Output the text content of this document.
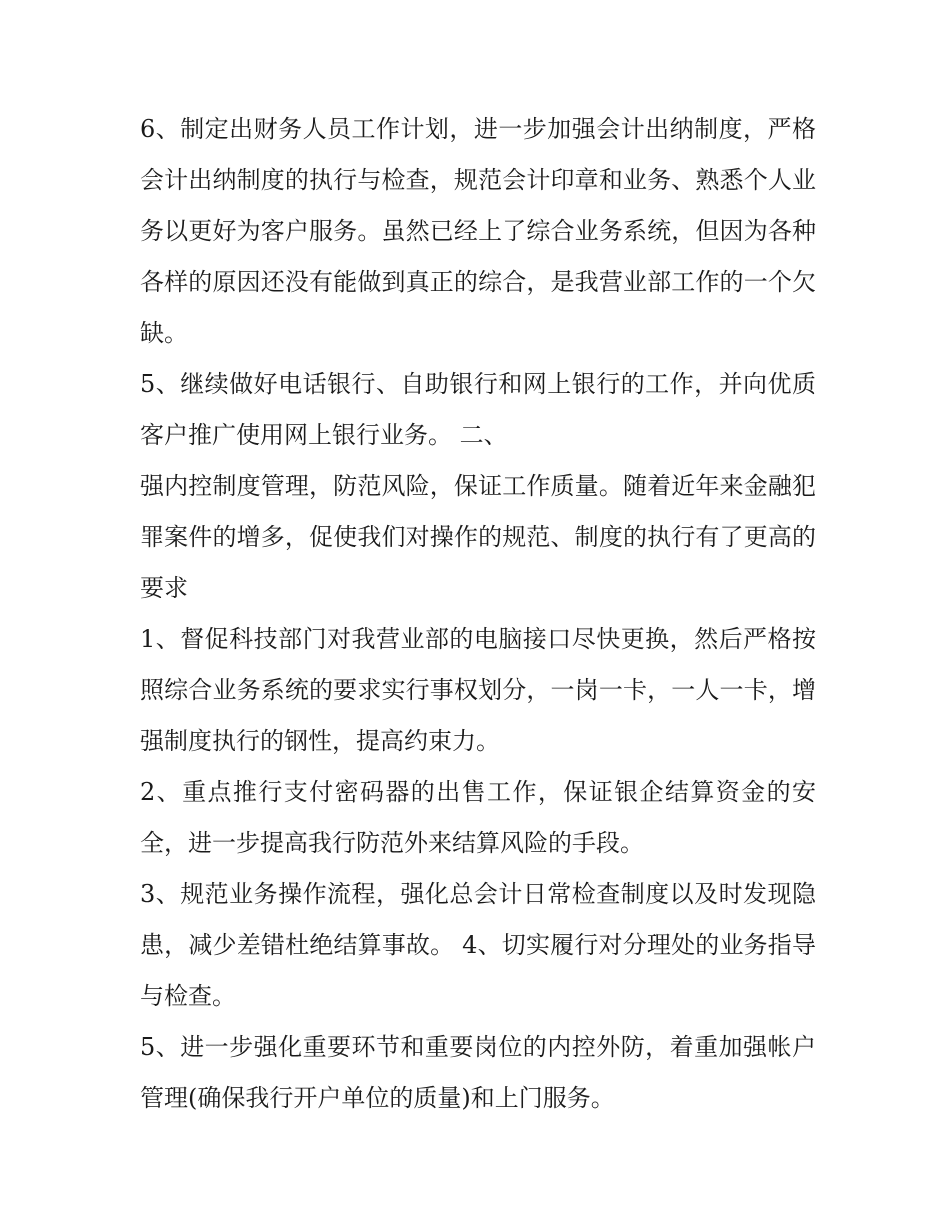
6、制定出财务人员工作计划，进一步加强会计出纳制度，严格会计出纳制度的执行与检查，规范会计印章和业务、熟悉个人业务以更好为客户服务。虽然已经上了综合业务系统，但因为各种各样的原因还没有能做到真正的综合，是我营业部工作的一个欠缺。

5、继续做好电话银行、自助银行和网上银行的工作，并向优质客户推广使用网上银行业务。 二、

强内控制度管理，防范风险，保证工作质量。随着近年来金融犯罪案件的增多，促使我们对操作的规范、制度的执行有了更高的要求

1、督促科技部门对我营业部的电脑接口尽快更换，然后严格按照综合业务系统的要求实行事权划分，一岗一卡，一人一卡，增强制度执行的钢性，提高约束力。

2、重点推行支付密码器的出售工作，保证银企结算资金的安全，进一步提高我行防范外来结算风险的手段。

3、规范业务操作流程，强化总会计日常检查制度以及时发现隐患，减少差错杜绝结算事故。 4、切实履行对分理处的业务指导与检查。

5、进一步强化重要环节和重要岗位的内控外防，着重加强帐户管理(确保我行开户单位的质量)和上门服务。
